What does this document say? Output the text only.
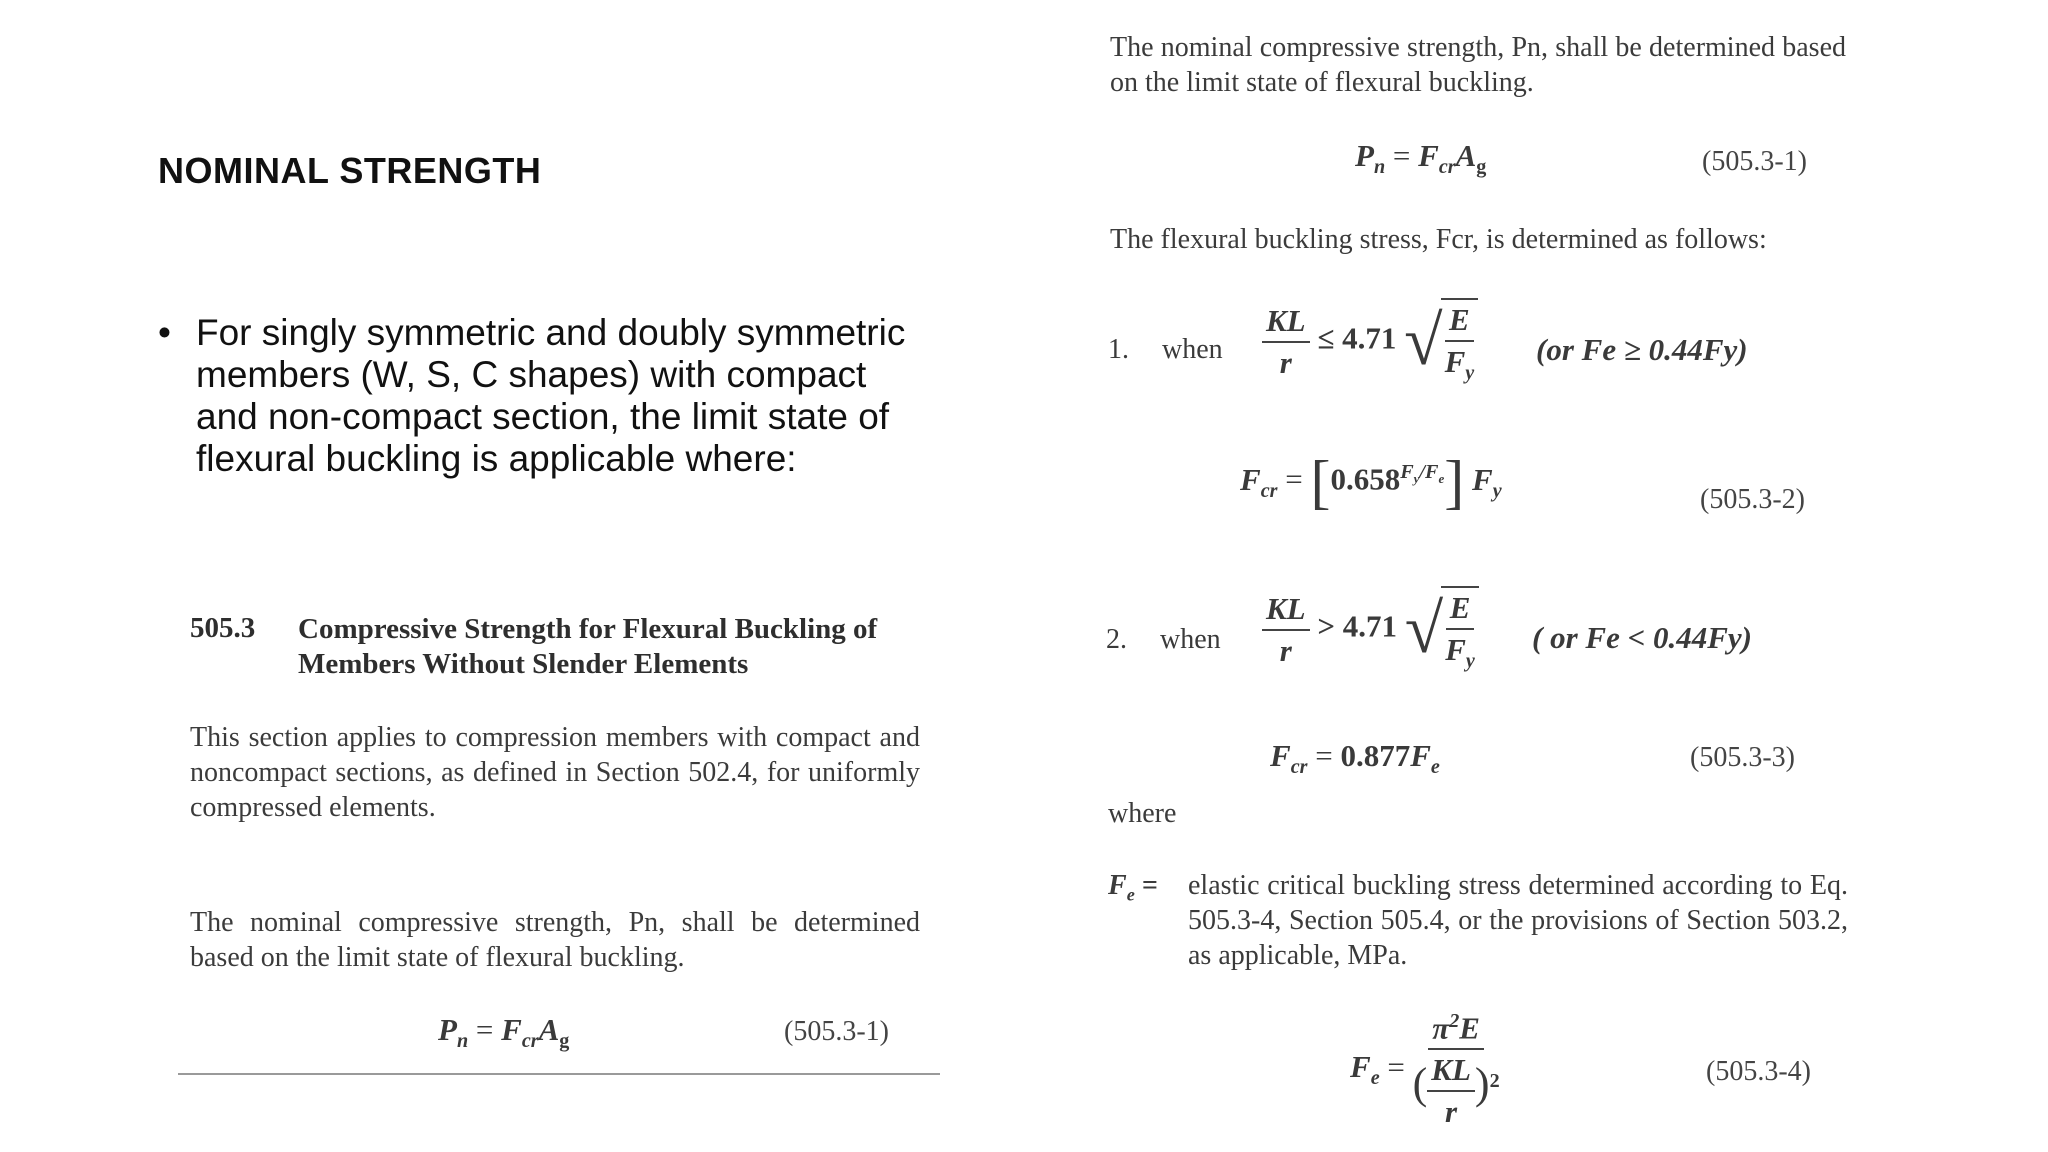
NOMINAL STRENGTH
• For singly symmetric and doubly symmetric members (W, S, C shapes) with compact and non-compact section, the limit state of flexural buckling is applicable where:
505.3 Compressive Strength for Flexural Buckling of Members Without Slender Elements
This section applies to compression members with compact and noncompact sections, as defined in Section 502.4, for uniformly compressed elements.
The nominal compressive strength, Pn, shall be determined based on the limit state of flexural buckling.
$P_n = F_{cr}A_g$	(505.3-1)
The nominal compressive strength, Pn, shall be determined based on the limit state of flexural buckling.
$P_n = F_{cr}A_g$	(505.3-1)
The flexural buckling stress, Fcr, is determined as follows:
1. when $\frac{KL}{r} \le 4.71$ √
$\frac{E}{F_y} (or$ Fe ≥ 0.44Fy)
$F_{cr} = [0.658^{F_y/F_e}]$ $F_y$	(505.3-2)
2. when $\frac{KL}{r} > 4.71$ √
$\frac{E}{F_y}$ ( or Fe < 0.44Fy)
$F_{cr} = 0.877F_e$	(505.3-3)
where
$F_e$ = elastic critical buckling stress determined according to Eq. 505.3-4, Section 505.4, or the provisions of Section 503.2, as applicable, MPa.
$F_e = \frac{\pi^2E}{( \frac{KL}{r} )^2}$	(505.3-4)
